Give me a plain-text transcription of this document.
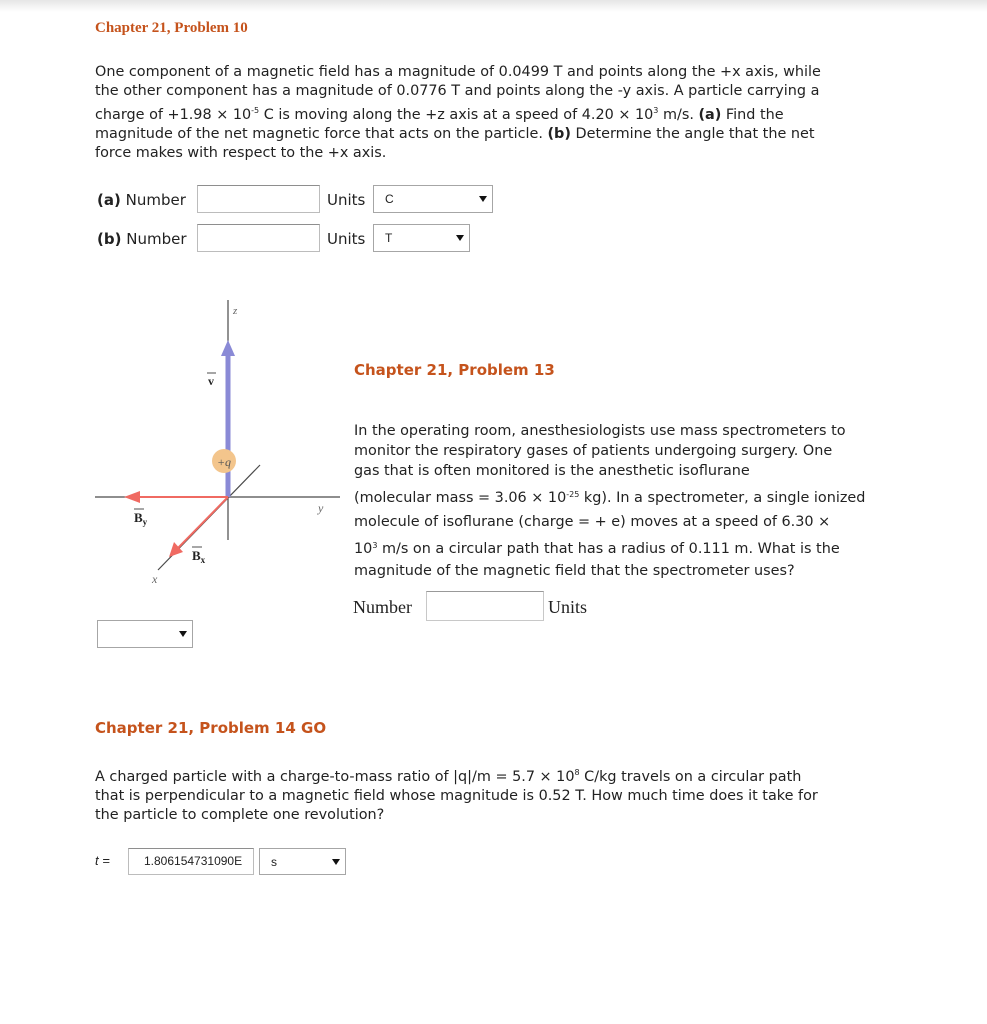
Chapter 21, Problem 10
One component of a magnetic field has a magnitude of 0.0499 T and points along the +x axis, while
the other component has a magnitude of 0.0776 T and points along the -y axis. A particle carrying a
charge of $+1.98 \times 10^{-5}$ C is moving along the +z axis at a speed of $4.20 \times 10^3$ m/s. (a) Find the
magnitude of the net magnetic force that acts on the particle. (b) Determine the angle that the net
force makes with respect to the +x axis.
(a) Number	Units C
(b) Number	Units T
+q
z
y
x
v
$B_y$
$B_x$
Chapter 21, Problem 13
In the operating room, anesthesiologists use mass spectrometers to
monitor the respiratory gases of patients undergoing surgery. One
gas that is often monitored is the anesthetic isoflurane
(molecular mass = $3.06 \times 10^{-25}$ kg). In a spectrometer, a single ionized
molecule of isoflurane (charge = + e) moves at a speed of 6.30 ×
$10^3$ m/s on a circular path that has a radius of 0.111 m. What is the
magnitude of the magnetic field that the spectrometer uses?
Number	Units
Chapter 21, Problem 14 GO
A charged particle with a charge-to-mass ratio of $|q|/m = 5.7 \times 10^8$ C/kg travels on a circular path
that is perpendicular to a magnetic field whose magnitude is 0.52 T. How much time does it take for
the particle to complete one revolution?
t =	1.806154731090E	s
